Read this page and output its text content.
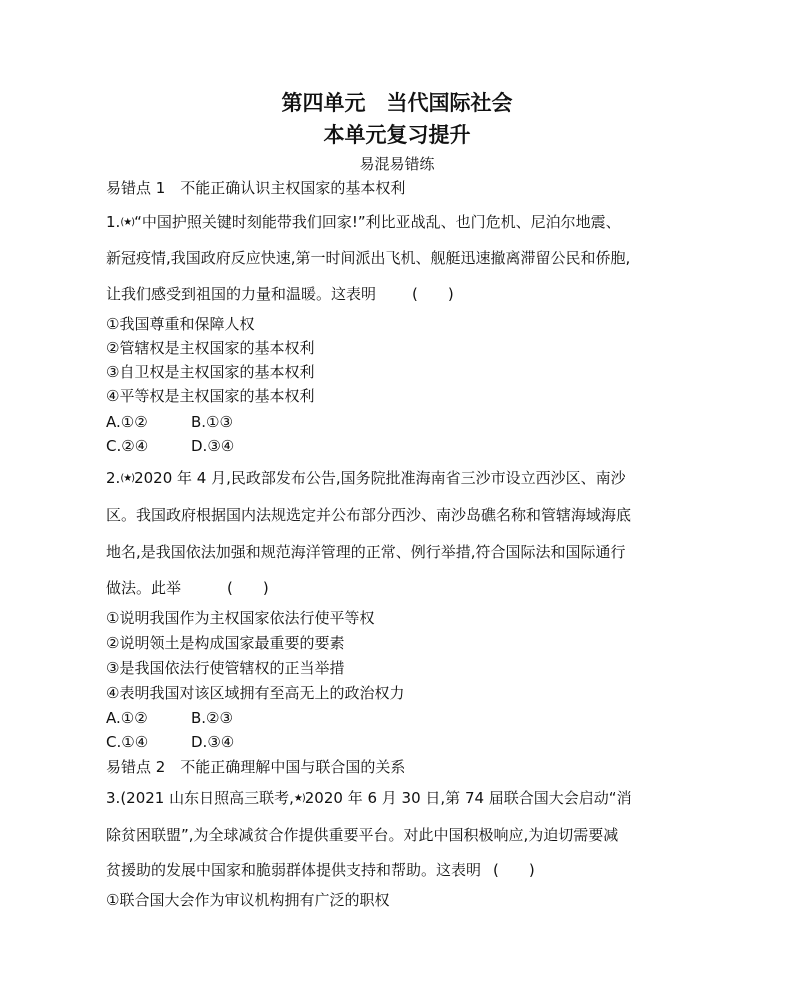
第四单元　当代国际社会
本单元复习提升
易混易错练
易错点 1　不能正确认识主权国家的基本权利
1.(★)“中国护照关键时刻能带我们回家!”利比亚战乱、也门危机、尼泊尔地震、
新冠疫情,我国政府反应快速,第一时间派出飞机、舰艇迅速撤离滞留公民和侨胞,
让我们感受到祖国的力量和温暖。这表明 (　　)
①我国尊重和保障人权
②管辖权是主权国家的基本权利
③自卫权是主权国家的基本权利
④平等权是主权国家的基本权利
A.①②	B.①③
C.②④	D.③④
2.(★)2020 年 4 月,民政部发布公告,国务院批准海南省三沙市设立西沙区、南沙
区。我国政府根据国内法规选定并公布部分西沙、南沙岛礁名称和管辖海域海底
地名,是我国依法加强和规范海洋管理的正常、例行举措,符合国际法和国际通行
做法。此举	(　　)
①说明我国作为主权国家依法行使平等权
②说明领土是构成国家最重要的要素
③是我国依法行使管辖权的正当举措
④表明我国对该区域拥有至高无上的政治权力
A.①②	B.②③
C.①④	D.③④
易错点 2　不能正确理解中国与联合国的关系
3.(2021 山东日照高三联考,★)2020 年 6 月 30 日,第 74 届联合国大会启动“消
除贫困联盟”,为全球减贫合作提供重要平台。对此中国积极响应,为迫切需要减
贫援助的发展中国家和脆弱群体提供支持和帮助。这表明 (　　)
①联合国大会作为审议机构拥有广泛的职权
